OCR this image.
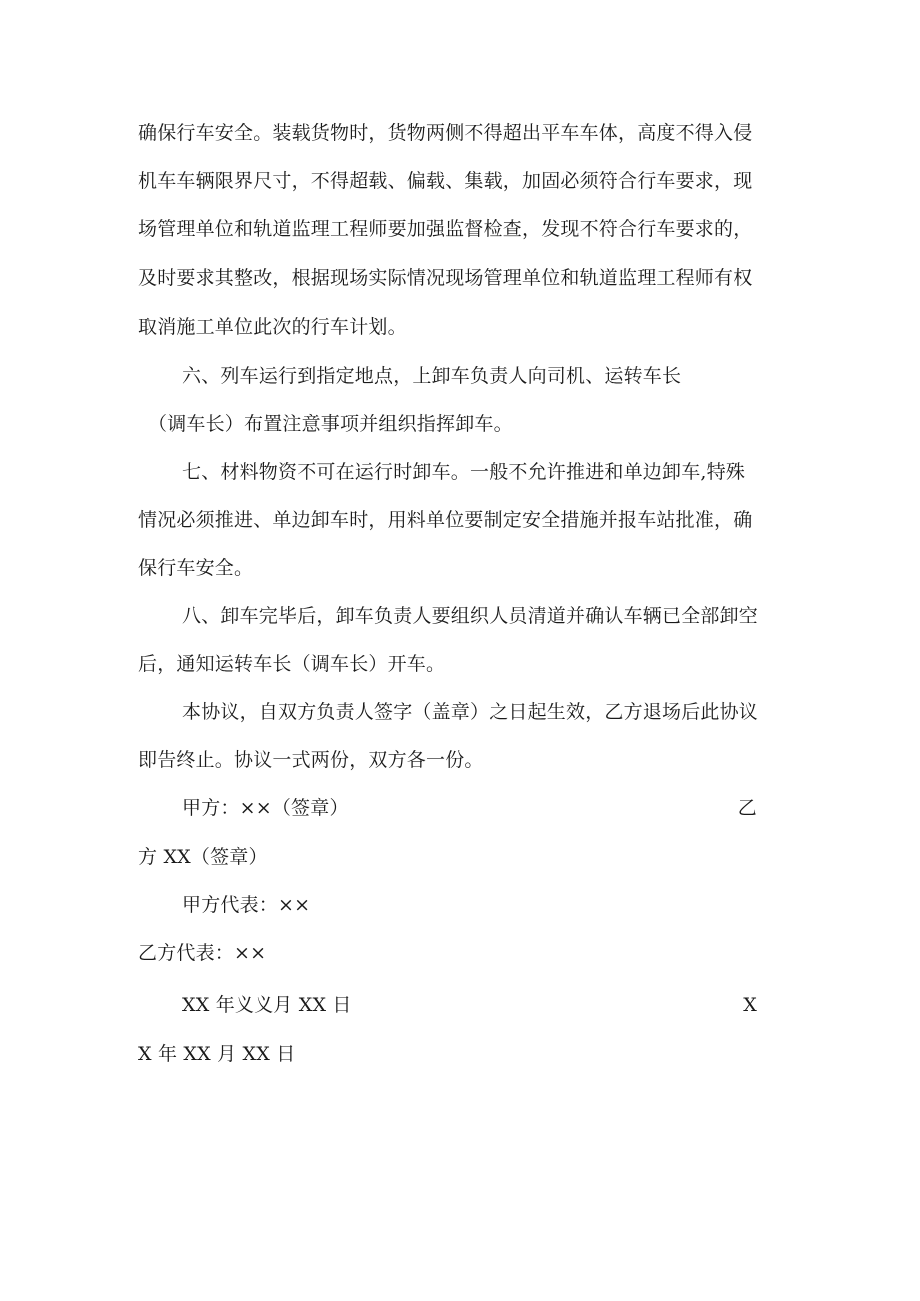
确保行车安全。装载货物时，货物两侧不得超出平车车体，高度不得入侵
机车车辆限界尺寸，不得超载、偏载、集载，加固必须符合行车要求，现
场管理单位和轨道监理工程师要加强监督检查，发现不符合行车要求的，
及时要求其整改，根据现场实际情况现场管理单位和轨道监理工程师有权
取消施工单位此次的行车计划。
六、列车运行到指定地点，上卸车负责人向司机、运转车长
（调车长）布置注意事项并组织指挥卸车。
七、材料物资不可在运行时卸车。一般不允许推进和单边卸车,特殊
情况必须推进、单边卸车时，用料单位要制定安全措施并报车站批准，确
保行车安全。
八、卸车完毕后，卸车负责人要组织人员清道并确认车辆已全部卸空
后，通知运转车长（调车长）开车。
本协议，自双方负责人签字（盖章）之日起生效，乙方退场后此协议
即告终止。协议一式两份，双方各一份。
甲方：××（签章）	乙
方 XX（签章）
甲方代表：××
乙方代表：××
XX 年义义月 XX 日	X
X 年 XX 月 XX 日
